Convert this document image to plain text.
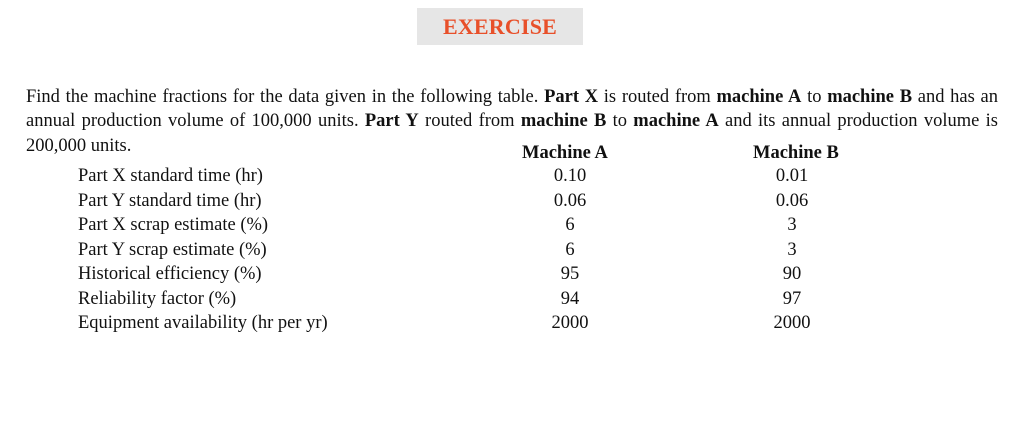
EXERCISE

Find the machine fractions for the data given in the following table. Part X is routed from machine A to machine B and has an annual production volume of 100,000 units. Part Y routed from machine B to machine A and its annual production volume is 200,000 units.	Machine A	Machine B
Part X standard time (hr)	0.10	0.01
Part Y standard time (hr)	0.06	0.06
Part X scrap estimate (%)	6	3
Part Y scrap estimate (%)	6	3
Historical efficiency (%)	95	90
Reliability factor (%)	94	97
Equipment availability (hr per yr)	2000	2000
